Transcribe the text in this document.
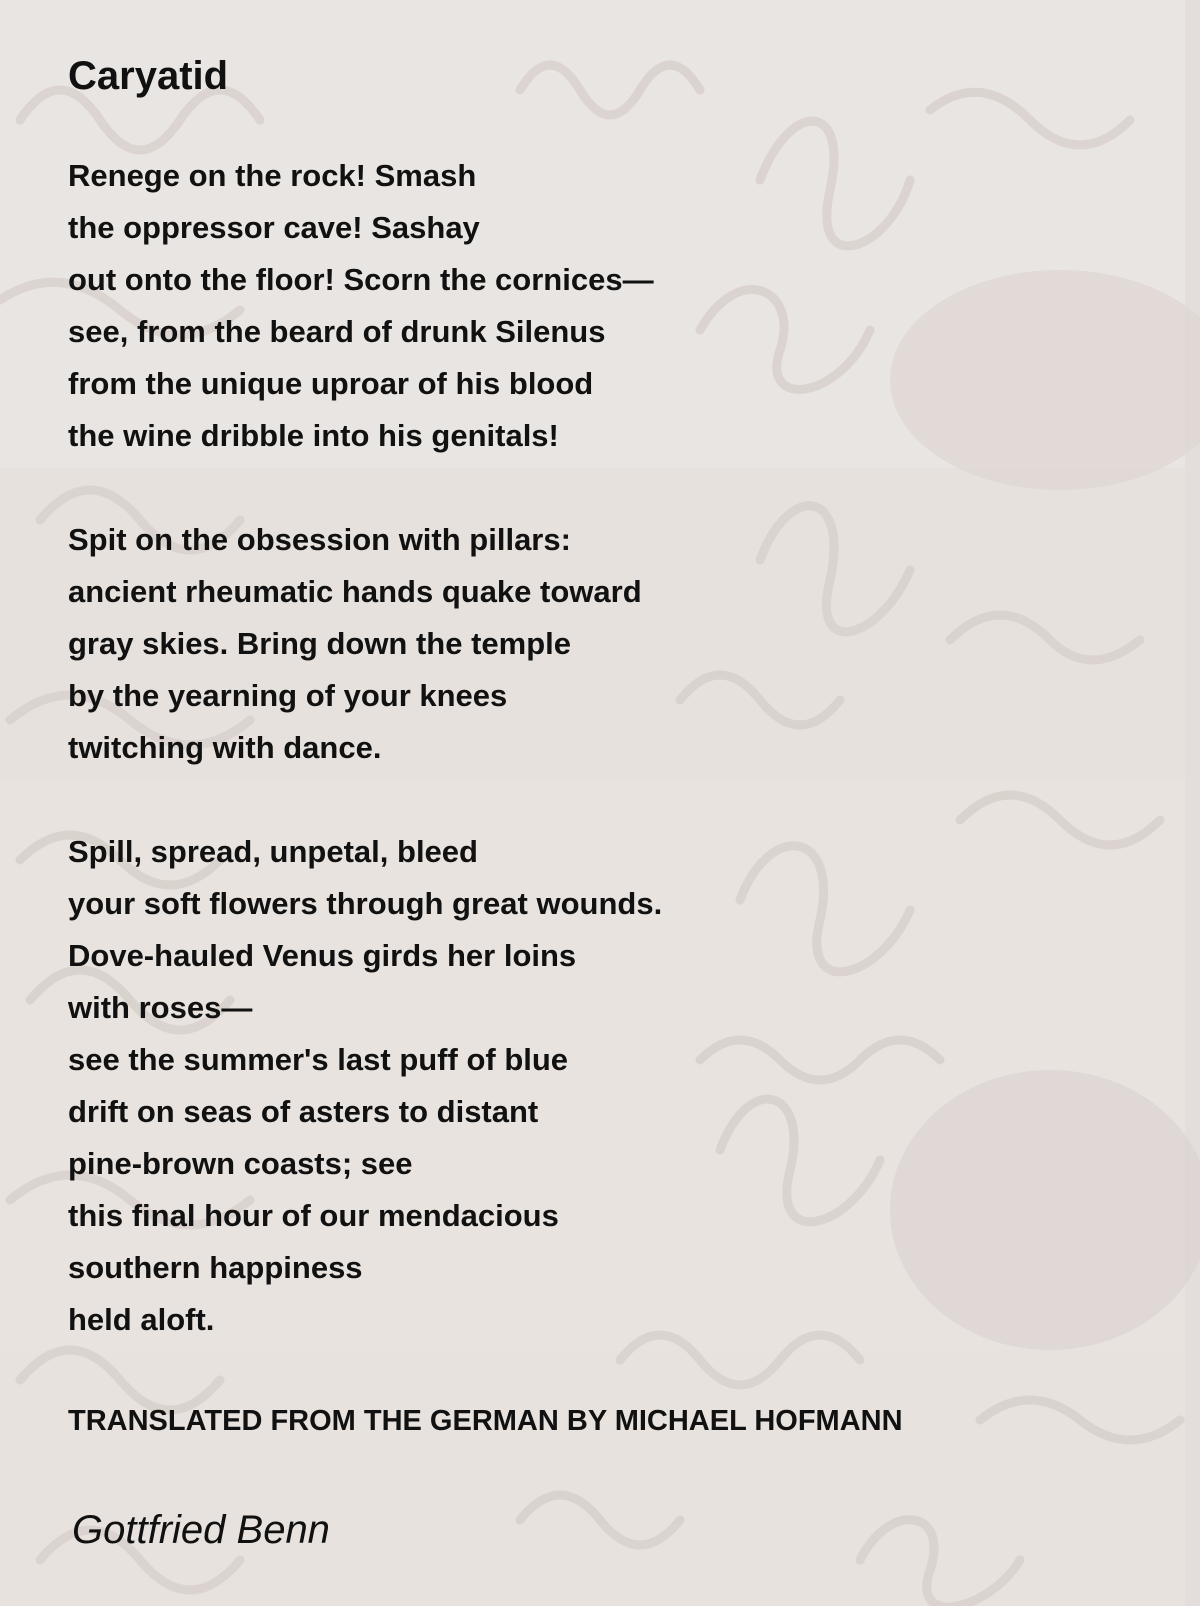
Caryatid
Renege on the rock! Smash
the oppressor cave! Sashay
out onto the floor! Scorn the cornices—
see, from the beard of drunk Silenus
from the unique uproar of his blood
the wine dribble into his genitals!
Spit on the obsession with pillars:
ancient rheumatic hands quake toward
gray skies. Bring down the temple
by the yearning of your knees
twitching with dance.
Spill, spread, unpetal, bleed
your soft flowers through great wounds.
Dove-hauled Venus girds her loins
with roses—
see the summer's last puff of blue
drift on seas of asters to distant
pine-brown coasts; see
this final hour of our mendacious
southern happiness
held aloft.
TRANSLATED FROM THE GERMAN BY MICHAEL HOFMANN
Gottfried Benn
